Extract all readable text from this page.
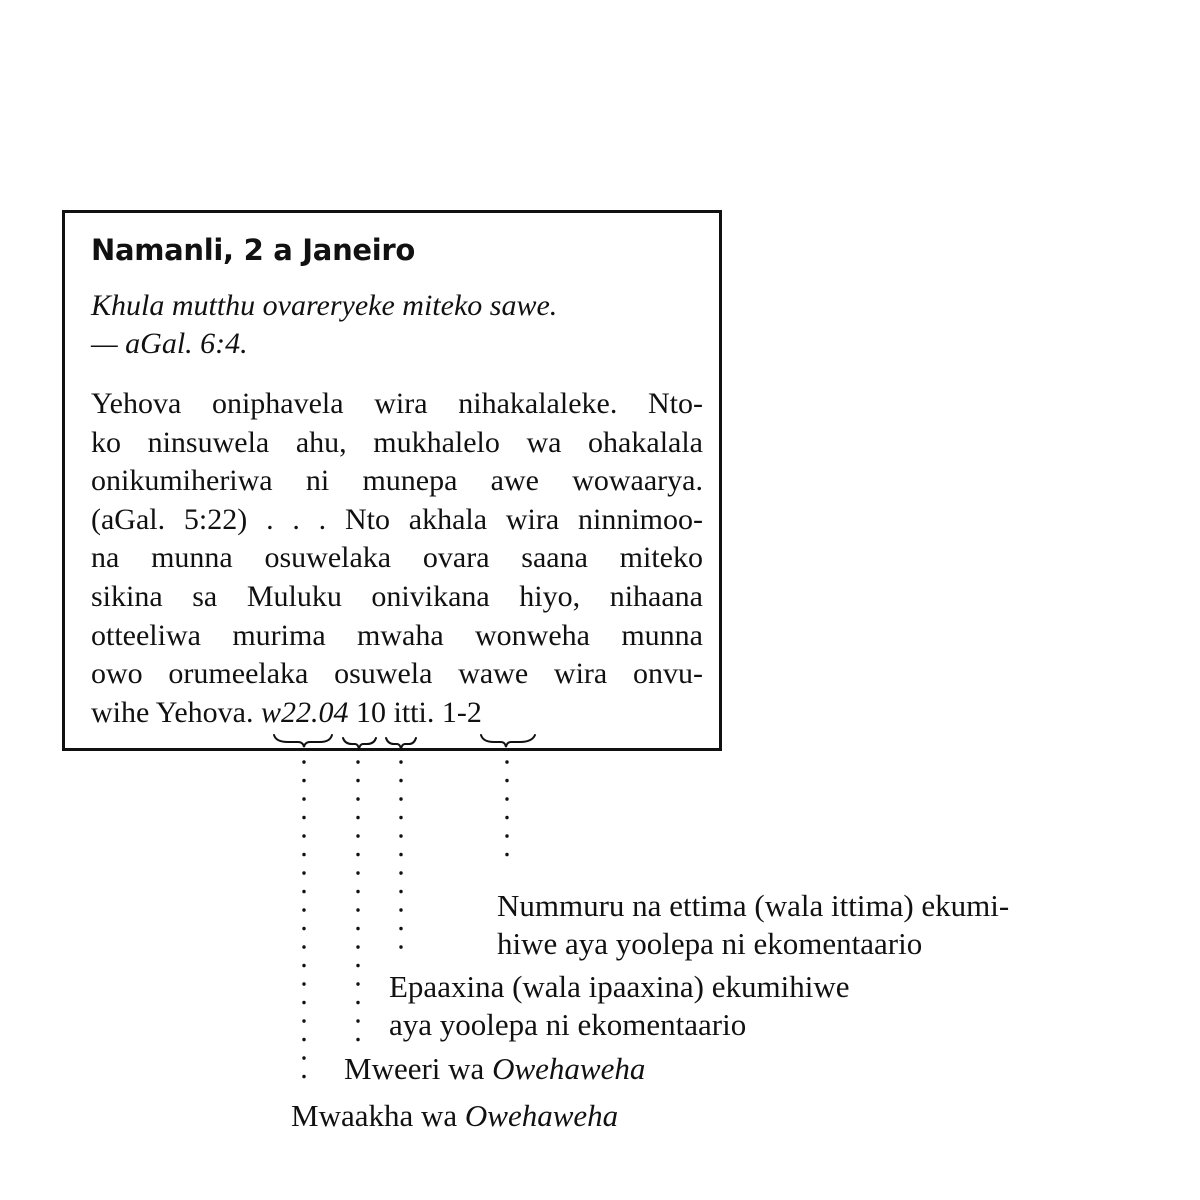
Namanli, 2 a Janeiro
Khula mutthu ovareryeke miteko sawe.
— aGal. 6:4.
Yehova oniphavela wira nihakalaleke. Nto-
ko ninsuwela ahu, mukhalelo wa ohakalala
onikumiheriwa ni munepa awe wowaarya.
(aGal. 5:22) . . . Nto akhala wira ninnimoo-
na munna osuwelaka ovara saana miteko
sikina sa Muluku onivikana hiyo, nihaana
otteeliwa murima mwaha wonweha munna
owo orumeelaka osuwela wawe wira onvu-
wihe Yehova. w22.04 10 itti. 1-2
Nummuru na ettima (wala ittima) ekumi-
hiwe aya yoolepa ni ekomentaario
Epaaxina (wala ipaaxina) ekumihiwe
aya yoolepa ni ekomentaario
Mweeri wa Owehaweha
Mwaakha wa Owehaweha
